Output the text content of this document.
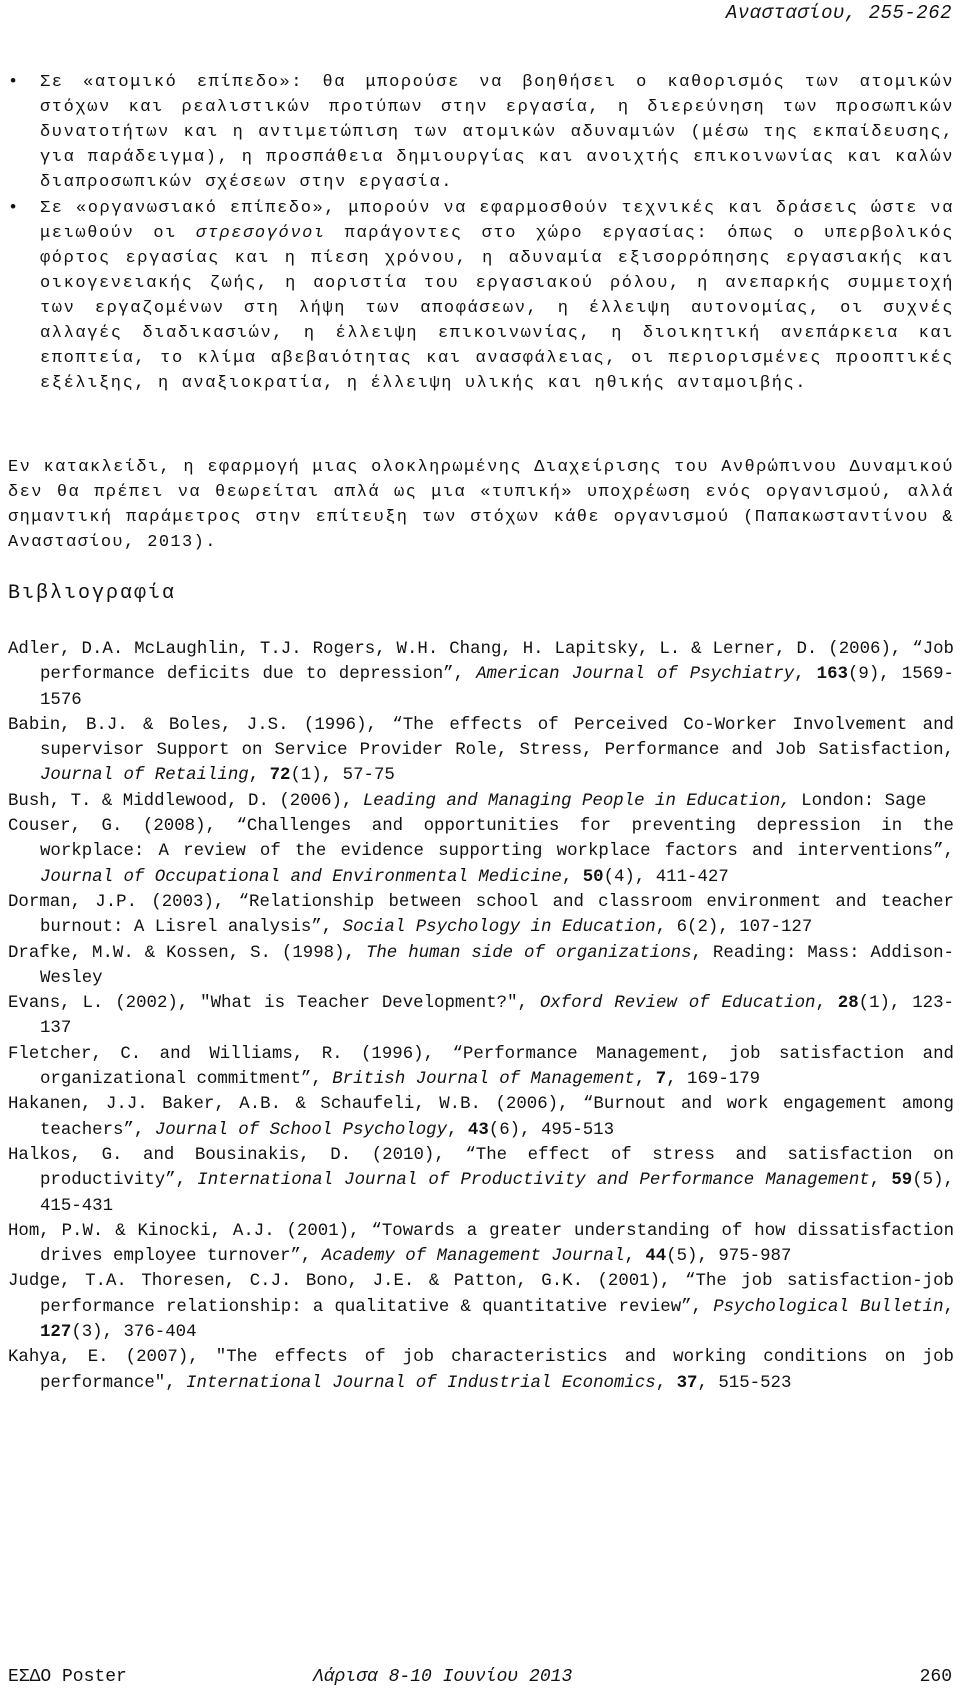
Αναστασίου, 255-262
• Σε «ατομικό επίπεδο»: θα μπορούσε να βοηθήσει ο καθορισμός των ατομικών στόχων και ρεαλιστικών προτύπων στην εργασία, η διερεύνηση των προσωπικών δυνατοτήτων και η αντιμετώπιση των ατομικών αδυναμιών (μέσω της εκπαίδευσης, για παράδειγμα), η προσπάθεια δημιουργίας και ανοιχτής επικοινωνίας και καλών διαπροσωπικών σχέσεων στην εργασία.
• Σε «οργανωσιακό επίπεδο», μπορούν να εφαρμοσθούν τεχνικές και δράσεις ώστε να μειωθούν οι στρεσογόνοι παράγοντες στο χώρο εργασίας: όπως ο υπερβολικός φόρτος εργασίας και η πίεση χρόνου, η αδυναμία εξισορρόπησης εργασιακής και οικογενειακής ζωής, η αοριστία του εργασιακού ρόλου, η ανεπαρκής συμμετοχή των εργαζομένων στη λήψη των αποφάσεων, η έλλειψη αυτονομίας, οι συχνές αλλαγές διαδικασιών, η έλλειψη επικοινωνίας, η διοικητική ανεπάρκεια και εποπτεία, το κλίμα αβεβαιότητας και ανασφάλειας, οι περιορισμένες προοπτικές εξέλιξης, η αναξιοκρατία, η έλλειψη υλικής και ηθικής ανταμοιβής.

Εν κατακλείδι, η εφαρμογή μιας ολοκληρωμένης Διαχείρισης του Ανθρώπινου Δυναμικού δεν θα πρέπει να θεωρείται απλά ως μια «τυπική» υποχρέωση ενός οργανισμού, αλλά σημαντική παράμετρος στην επίτευξη των στόχων κάθε οργανισμού (Παπακωσταντίνου & Αναστασίου, 2013).

Βιβλιογραφία
Adler, D.A. McLaughlin, T.J. Rogers, W.H. Chang, H. Lapitsky, L. & Lerner, D. (2006), “Job performance deficits due to depression”, American Journal of Psychiatry, 163(9), 1569-1576
Babin, B.J. & Boles, J.S. (1996), “The effects of Perceived Co-Worker Involvement and supervisor Support on Service Provider Role, Stress, Performance and Job Satisfaction, Journal of Retailing, 72(1), 57-75
Bush, T. & Middlewood, D. (2006), Leading and Managing People in Education, London: Sage
Couser, G. (2008), “Challenges and opportunities for preventing depression in the workplace: A review of the evidence supporting workplace factors and interventions”, Journal of Occupational and Environmental Medicine, 50(4), 411-427
Dorman, J.P. (2003), “Relationship between school and classroom environment and teacher burnout: A Lisrel analysis”, Social Psychology in Education, 6(2), 107-127
Drafke, M.W. & Kossen, S. (1998), The human side of organizations, Reading: Mass: Addison-Wesley
Evans, L. (2002), "What is Teacher Development?", Oxford Review of Education, 28(1), 123-137
Fletcher, C. and Williams, R. (1996), “Performance Management, job satisfaction and organizational commitment”, British Journal of Management, 7, 169-179
Hakanen, J.J. Baker, A.B. & Schaufeli, W.B. (2006), “Burnout and work engagement among teachers”, Journal of School Psychology, 43(6), 495-513
Halkos, G. and Bousinakis, D. (2010), “The effect of stress and satisfaction on productivity”, International Journal of Productivity and Performance Management, 59(5), 415-431
Hom, P.W. & Kinocki, A.J. (2001), “Towards a greater understanding of how dissatisfaction drives employee turnover”, Academy of Management Journal, 44(5), 975-987
Judge, T.A. Thoresen, C.J. Bono, J.E. & Patton, G.K. (2001), “The job satisfaction-job performance relationship: a qualitative & quantitative review”, Psychological Bulletin, 127(3), 376-404
Kahya, E. (2007), "The effects of job characteristics and working conditions on job performance", International Journal of Industrial Economics, 37, 515-523
ΕΣΔΟ Poster	Λάρισα 8-10 Ιουνίου 2013	260
